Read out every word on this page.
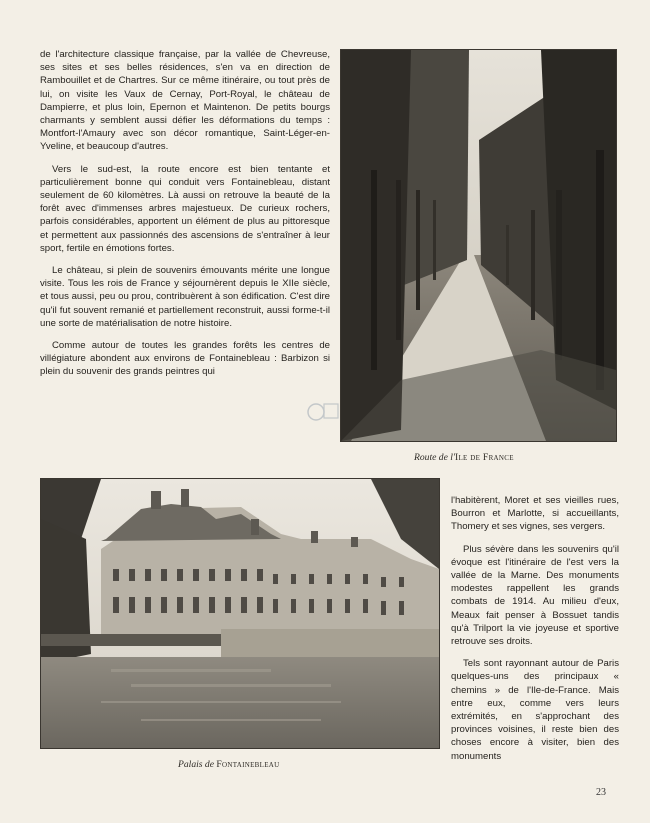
de l'architecture classique française, par la vallée de Chevreuse, ses sites et ses belles résidences, s'en va en direction de Rambouillet et de Chartres. Sur ce même itinéraire, ou tout près de lui, on visite les Vaux de Cernay, Port-Royal, le château de Dampierre, et plus loin, Epernon et Maintenon. De petits bourgs charmants y semblent aussi défier les déformations du temps : Montfort-l'Amaury avec son décor romantique, Saint-Léger-en-Yveline, et beaucoup d'autres.

Vers le sud-est, la route encore est bien tentante et particulièrement bonne qui conduit vers Fontainebleau, distant seulement de 60 kilomètres. Là aussi on retrouve la beauté de la forêt avec d'immenses arbres majestueux. De curieux rochers, parfois considérables, apportent un élément de plus au pittoresque et permettent aux passionnés des ascensions de s'entraîner à leur sport, fertile en émotions fortes.

Le château, si plein de souvenirs émouvants mérite une longue visite. Tous les rois de France y séjournèrent depuis le XIIe siècle, et tous aussi, peu ou prou, contribuèrent à son édification. C'est dire qu'il fut souvent remanié et partiellement reconstruit, aussi forme-t-il une sorte de matérialisation de notre histoire.

Comme autour de toutes les grandes forêts les centres de villégiature abondent aux environs de Fontainebleau : Barbizon si plein du souvenir des grands peintres qui

Route de l'Ile de France
Palais de Fontainebleau

l'habitèrent, Moret et ses vieilles rues, Bourron et Marlotte, si accueillants, Thomery et ses vignes, ses vergers.

Plus sévère dans les souvenirs qu'il évoque est l'itinéraire de l'est vers la vallée de la Marne. Des monuments modestes rappellent les grands combats de 1914. Au milieu d'eux, Meaux fait penser à Bossuet tandis qu'à Trilport la vie joyeuse et sportive retrouve ses droits.

Tels sont rayonnant autour de Paris quelques-uns des principaux « chemins » de l'Ile-de-France. Mais entre eux, comme vers leurs extrémités, en s'approchant des provinces voisines, il reste bien des choses encore à visiter, bien des monuments

23
